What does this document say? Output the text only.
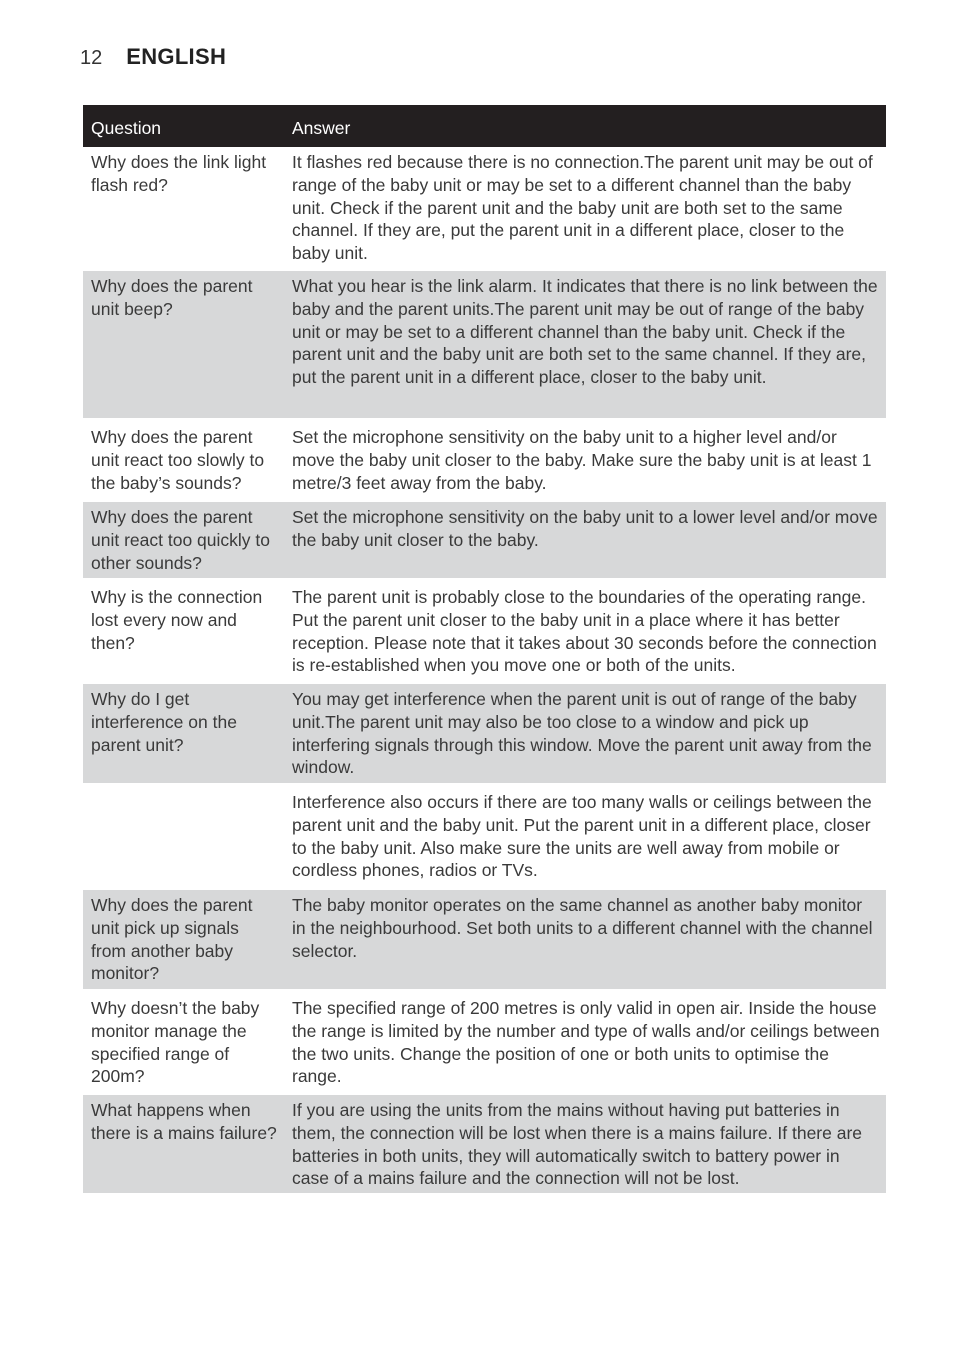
12 ENGLISH
Question	Answer
Why does the link light flash red?
It flashes red because there is no connection.The parent unit may be out of range of the baby unit or may be set to a different channel than the baby unit. Check if the parent unit and the baby unit are both set to the same channel. If they are, put the parent unit in a different place, closer to the baby unit.
Why does the parent unit beep?
What you hear is the link alarm. It indicates that there is no link between the baby and the parent units.The parent unit may be out of range of the baby unit or may be set to a different channel than the baby unit. Check if the parent unit and the baby unit are both set to the same channel. If they are, put the parent unit in a different place, closer to the baby unit.
Why does the parent unit react too slowly to the baby’s sounds?
Set the microphone sensitivity on the baby unit to a higher level and/or move the baby unit closer to the baby. Make sure the baby unit is at least 1 metre/3 feet away from the baby.
Why does the parent unit react too quickly to other sounds?
Set the microphone sensitivity on the baby unit to a lower level and/or move the baby unit closer to the baby.
Why is the connection lost every now and then?
The parent unit is probably close to the boundaries of the operating range. Put the parent unit closer to the baby unit in a place where it has better reception. Please note that it takes about 30 seconds before the connection is re-established when you move one or both of the units.
Why do I get interference on the parent unit?
You may get interference when the parent unit is out of range of the baby unit.The parent unit may also be too close to a window and pick up interfering signals through this window. Move the parent unit away from the window.
Interference also occurs if there are too many walls or ceilings between the parent unit and the baby unit. Put the parent unit in a different place, closer to the baby unit. Also make sure the units are well away from mobile or cordless phones, radios or TVs.
Why does the parent unit pick up signals from another baby monitor?
The baby monitor operates on the same channel as another baby monitor in the neighbourhood. Set both units to a different channel with the channel selector.
Why doesn’t the baby monitor manage the specified range of 200m?
The specified range of 200 metres is only valid in open air. Inside the house the range is limited by the number and type of walls and/or ceilings between the two units. Change the position of one or both units to optimise the range.
What happens when there is a mains failure?
If you are using the units from the mains without having put batteries in them, the connection will be lost when there is a mains failure. If there are batteries in both units, they will automatically switch to battery power in case of a mains failure and the connection will not be lost.
